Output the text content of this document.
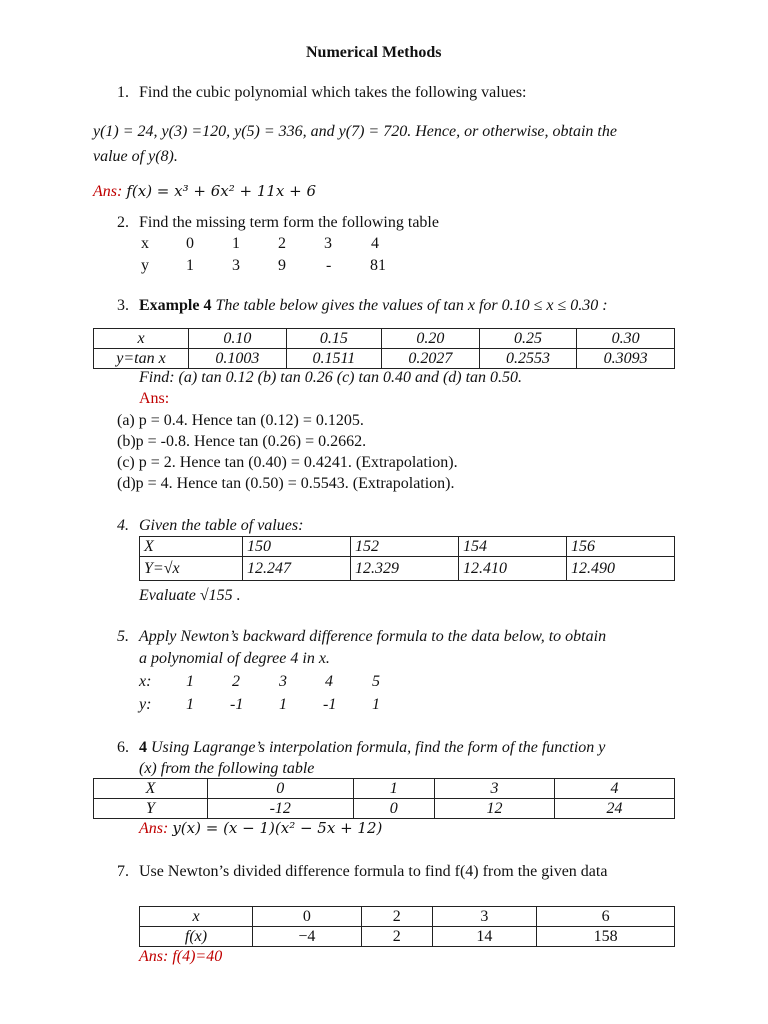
Numerical Methods
1. Find the cubic polynomial which takes the following values:
y(1) = 24, y(3) =120, y(5) = 336, and y(7) = 720. Hence, or otherwise, obtain the
value of y(8).
Ans: f(x) = x³ + 6x² + 11x + 6
2. Find the missing term form the following table
x 0 1 2 3 4
y 1 3 9	- 81
3. Example 4 The table below gives the values of tan x for 0.10 ≤ x ≤ 0.30 :
x	0.10	0.15	0.20	0.25	0.30
y=tan x	0.1003	0.1511	0.2027	0.2553	0.3093
Find: (a) tan 0.12 (b) tan 0.26 (c) tan 0.40 and (d) tan 0.50.
Ans:
(a) p = 0.4. Hence tan (0.12) = 0.1205.
(b)p = -0.8. Hence tan (0.26) = 0.2662.
(c) p = 2. Hence tan (0.40) = 0.4241. (Extrapolation).
(d)p = 4. Hence tan (0.50) = 0.5543. (Extrapolation).
4. Given the table of values:
X	150	152	154	156
Y=√x	12.247	12.329	12.410	12.490
Evaluate √155 .
5. Apply Newton’s backward difference formula to the data below, to obtain
a polynomial of degree 4 in x.
x: 1 2 3 4 5
y: 1 -1 1 -1 1
6. 4 Using Lagrange’s interpolation formula, find the form of the function y
(x) from the following table
X	0	1	3	4
Y	-12	0	12	24
Ans: y(x) = (x − 1)(x² − 5x + 12)
7. Use Newton’s divided difference formula to find f(4) from the given data
x	0	2	3	6
f(x)	−4	2	14	158
Ans: f(4)=40
